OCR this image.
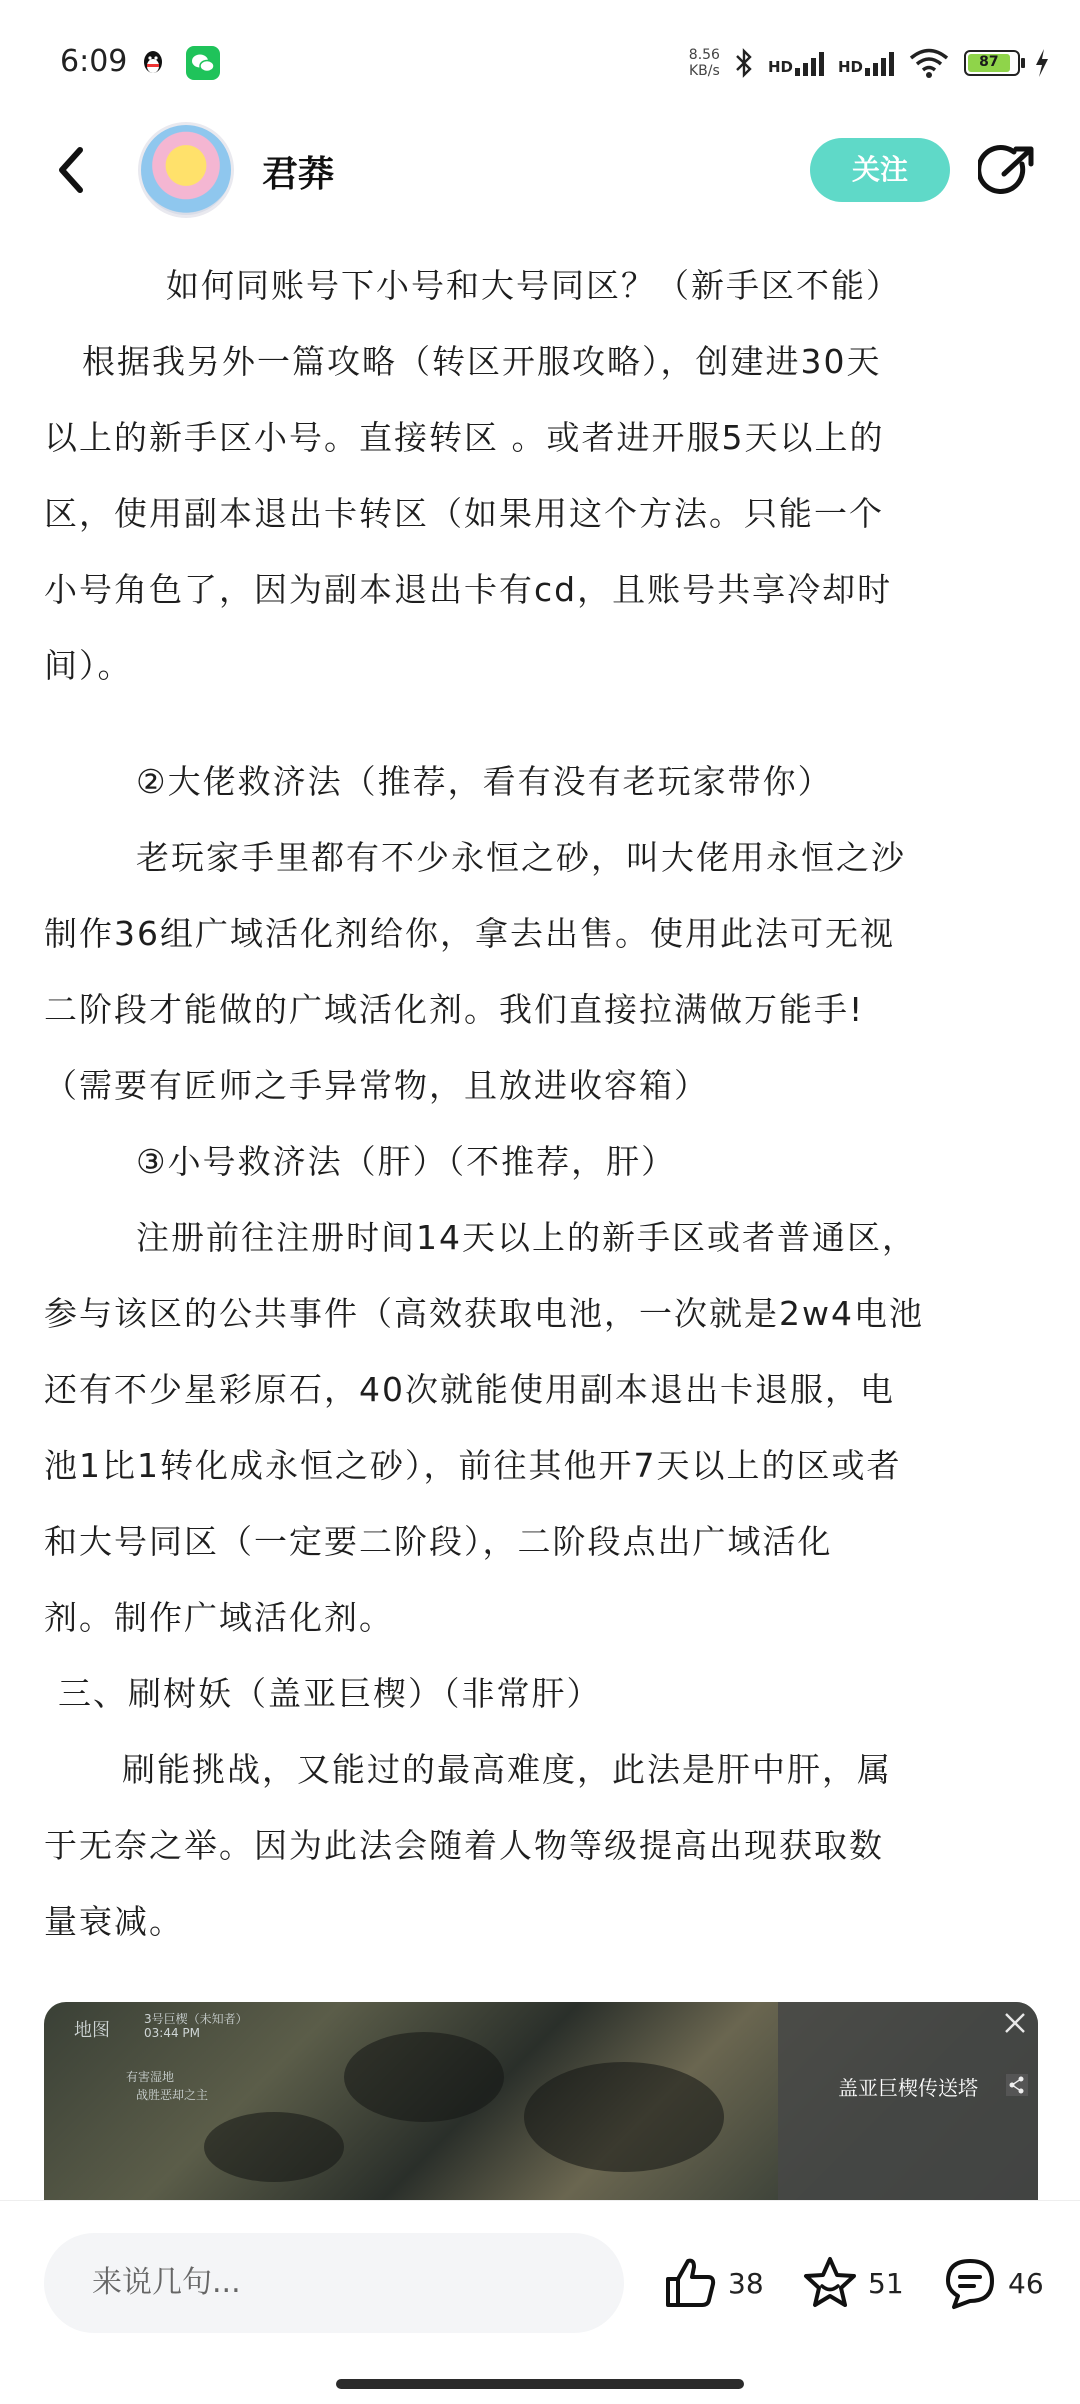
6:09	8.56
KB/s	HD	HD	87
君莽	关注

如何同账号下小号和大号同区？（新手区不能）

根据我另外一篇攻略（转区开服攻略），创建进30天

以上的新手区小号。直接转区 。或者进开服5天以上的

区，使用副本退出卡转区（如果用这个方法。只能一个

小号角色了，因为副本退出卡有cd，且账号共享冷却时

间）。

②大佬救济法（推荐，看有没有老玩家带你）

老玩家手里都有不少永恒之砂，叫大佬用永恒之沙

制作36组广域活化剂给你，拿去出售。使用此法可无视

二阶段才能做的广域活化剂。我们直接拉满做万能手!

（需要有匠师之手异常物，且放进收容箱）

③小号救济法（肝）（不推荐，肝）

注册前往注册时间14天以上的新手区或者普通区，

参与该区的公共事件（高效获取电池，一次就是2w4电池

还有不少星彩原石，40次就能使用副本退出卡退服，电

池1比1转化成永恒之砂），前往其他开7天以上的区或者

和大号同区（一定要二阶段），二阶段点出广域活化

剂。制作广域活化剂。

三、刷树妖（盖亚巨楔）（非常肝）

刷能挑战，又能过的最高难度，此法是肝中肝，属

于无奈之举。因为此法会随着人物等级提高出现获取数

量衰减。

地图
3号巨楔（未知者）
03:44 PM
有害湿地
战胜恶却之主	盖亚巨楔传送塔
来说几句...	38	51	46
